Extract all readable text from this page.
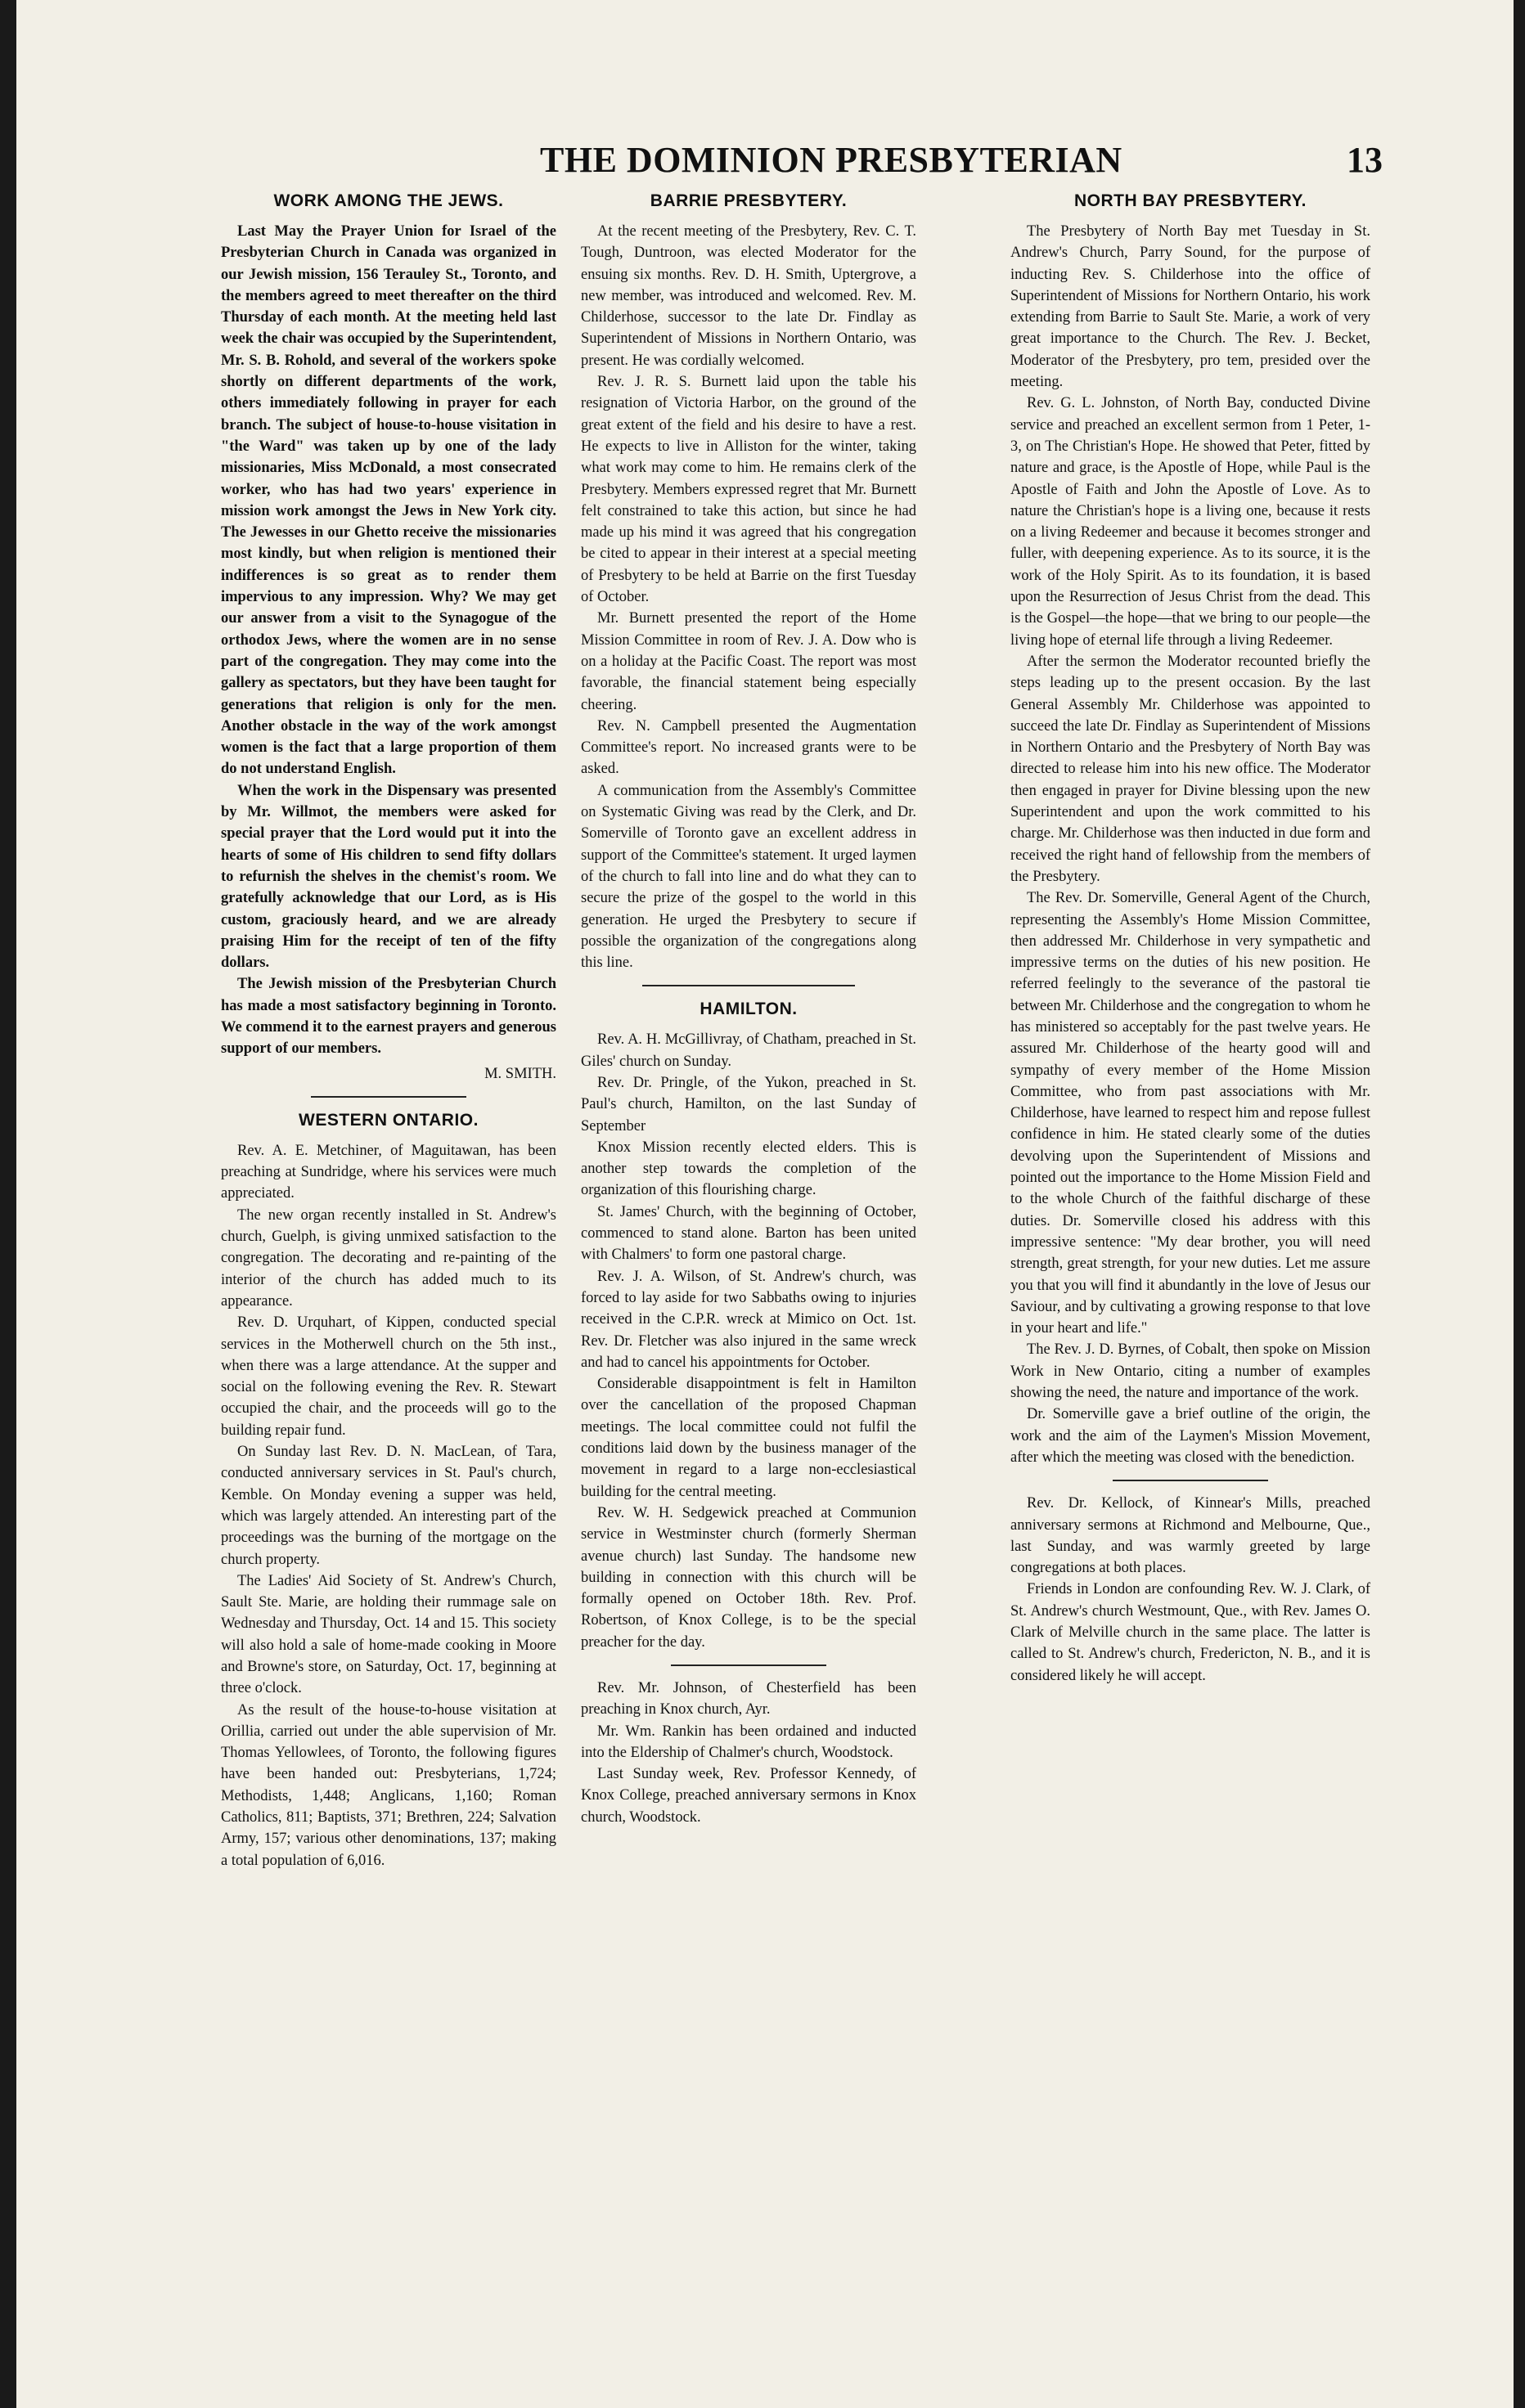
THE DOMINION PRESBYTERIAN	13
WORK AMONG THE JEWS.

Last May the Prayer Union for Israel of the Presbyterian Church in Canada was organized in our Jewish mission, 156 Terauley St., Toronto, and the members agreed to meet thereafter on the third Thursday of each month. At the meeting held last week the chair was occupied by the Superintendent, Mr. S. B. Rohold, and several of the workers spoke shortly on different departments of the work, others immediately following in prayer for each branch. The subject of house-to-house visitation in "the Ward" was taken up by one of the lady missionaries, Miss McDonald, a most consecrated worker, who has had two years' experience in mission work amongst the Jews in New York city. The Jewesses in our Ghetto receive the missionaries most kindly, but when religion is mentioned their indifferences is so great as to render them impervious to any impression. Why? We may get our answer from a visit to the Synagogue of the orthodox Jews, where the women are in no sense part of the congregation. They may come into the gallery as spectators, but they have been taught for generations that religion is only for the men. Another obstacle in the way of the work amongst women is the fact that a large proportion of them do not understand English.

When the work in the Dispensary was presented by Mr. Willmot, the members were asked for special prayer that the Lord would put it into the hearts of some of His children to send fifty dollars to refurnish the shelves in the chemist's room. We gratefully acknowledge that our Lord, as is His custom, graciously heard, and we are already praising Him for the receipt of ten of the fifty dollars.

The Jewish mission of the Presbyterian Church has made a most satisfactory beginning in Toronto. We commend it to the earnest prayers and generous support of our members.

M. SMITH.

WESTERN ONTARIO.

Rev. A. E. Metchiner, of Maguitawan, has been preaching at Sundridge, where his services were much appreciated.

The new organ recently installed in St. Andrew's church, Guelph, is giving unmixed satisfaction to the congregation. The decorating and re-painting of the interior of the church has added much to its appearance.

Rev. D. Urquhart, of Kippen, conducted special services in the Motherwell church on the 5th inst., when there was a large attendance. At the supper and social on the following evening the Rev. R. Stewart occupied the chair, and the proceeds will go to the building repair fund.

On Sunday last Rev. D. N. MacLean, of Tara, conducted anniversary services in St. Paul's church, Kemble. On Monday evening a supper was held, which was largely attended. An interesting part of the proceedings was the burning of the mortgage on the church property.

The Ladies' Aid Society of St. Andrew's Church, Sault Ste. Marie, are holding their rummage sale on Wednesday and Thursday, Oct. 14 and 15. This society will also hold a sale of home-made cooking in Moore and Browne's store, on Saturday, Oct. 17, beginning at three o'clock.

As the result of the house-to-house visitation at Orillia, carried out under the able supervision of Mr. Thomas Yellowlees, of Toronto, the following figures have been handed out: Presbyterians, 1,724; Methodists, 1,448; Anglicans, 1,160; Roman Catholics, 811; Baptists, 371; Brethren, 224; Salvation Army, 157; various other denominations, 137; making a total population of 6,016.

BARRIE PRESBYTERY.

At the recent meeting of the Presbytery, Rev. C. T. Tough, Duntroon, was elected Moderator for the ensuing six months. Rev. D. H. Smith, Uptergrove, a new member, was introduced and welcomed. Rev. M. Childerhose, successor to the late Dr. Findlay as Superintendent of Missions in Northern Ontario, was present. He was cordially welcomed.

Rev. J. R. S. Burnett laid upon the table his resignation of Victoria Harbor, on the ground of the great extent of the field and his desire to have a rest. He expects to live in Alliston for the winter, taking what work may come to him. He remains clerk of the Presbytery. Members expressed regret that Mr. Burnett felt constrained to take this action, but since he had made up his mind it was agreed that his congregation be cited to appear in their interest at a special meeting of Presbytery to be held at Barrie on the first Tuesday of October.

Mr. Burnett presented the report of the Home Mission Committee in room of Rev. J. A. Dow who is on a holiday at the Pacific Coast. The report was most favorable, the financial statement being especially cheering.

Rev. N. Campbell presented the Augmentation Committee's report. No increased grants were to be asked.

A communication from the Assembly's Committee on Systematic Giving was read by the Clerk, and Dr. Somerville of Toronto gave an excellent address in support of the Committee's statement. It urged laymen of the church to fall into line and do what they can to secure the prize of the gospel to the world in this generation. He urged the Presbytery to secure if possible the organization of the congregations along this line.

HAMILTON.

Rev. A. H. McGillivray, of Chatham, preached in St. Giles' church on Sunday.

Rev. Dr. Pringle, of the Yukon, preached in St. Paul's church, Hamilton, on the last Sunday of September

Knox Mission recently elected elders. This is another step towards the completion of the organization of this flourishing charge.

St. James' Church, with the beginning of October, commenced to stand alone. Barton has been united with Chalmers' to form one pastoral charge.

Rev. J. A. Wilson, of St. Andrew's church, was forced to lay aside for two Sabbaths owing to injuries received in the C.P.R. wreck at Mimico on Oct. 1st. Rev. Dr. Fletcher was also injured in the same wreck and had to cancel his appointments for October.

Considerable disappointment is felt in Hamilton over the cancellation of the proposed Chapman meetings. The local committee could not fulfil the conditions laid down by the business manager of the movement in regard to a large non-ecclesiastical building for the central meeting.

Rev. W. H. Sedgewick preached at Communion service in Westminster church (formerly Sherman avenue church) last Sunday. The handsome new building in connection with this church will be formally opened on October 18th. Rev. Prof. Robertson, of Knox College, is to be the special preacher for the day.

Rev. Mr. Johnson, of Chesterfield has been preaching in Knox church, Ayr.

Mr. Wm. Rankin has been ordained and inducted into the Eldership of Chalmer's church, Woodstock.

Last Sunday week, Rev. Professor Kennedy, of Knox College, preached anniversary sermons in Knox church, Woodstock.

NORTH BAY PRESBYTERY.

The Presbytery of North Bay met Tuesday in St. Andrew's Church, Parry Sound, for the purpose of inducting Rev. S. Childerhose into the office of Superintendent of Missions for Northern Ontario, his work extending from Barrie to Sault Ste. Marie, a work of very great importance to the Church. The Rev. J. Becket, Moderator of the Presbytery, pro tem, presided over the meeting.

Rev. G. L. Johnston, of North Bay, conducted Divine service and preached an excellent sermon from 1 Peter, 1-3, on The Christian's Hope. He showed that Peter, fitted by nature and grace, is the Apostle of Hope, while Paul is the Apostle of Faith and John the Apostle of Love. As to nature the Christian's hope is a living one, because it rests on a living Redeemer and because it becomes stronger and fuller, with deepening experience. As to its source, it is the work of the Holy Spirit. As to its foundation, it is based upon the Resurrection of Jesus Christ from the dead. This is the Gospel—the hope—that we bring to our people—the living hope of eternal life through a living Redeemer.

After the sermon the Moderator recounted briefly the steps leading up to the present occasion. By the last General Assembly Mr. Childerhose was appointed to succeed the late Dr. Findlay as Superintendent of Missions in Northern Ontario and the Presbytery of North Bay was directed to release him into his new office. The Moderator then engaged in prayer for Divine blessing upon the new Superintendent and upon the work committed to his charge. Mr. Childerhose was then inducted in due form and received the right hand of fellowship from the members of the Presbytery.

The Rev. Dr. Somerville, General Agent of the Church, representing the Assembly's Home Mission Committee, then addressed Mr. Childerhose in very sympathetic and impressive terms on the duties of his new position. He referred feelingly to the severance of the pastoral tie between Mr. Childerhose and the congregation to whom he has ministered so acceptably for the past twelve years. He assured Mr. Childerhose of the hearty good will and sympathy of every member of the Home Mission Committee, who from past associations with Mr. Childerhose, have learned to respect him and repose fullest confidence in him. He stated clearly some of the duties devolving upon the Superintendent of Missions and pointed out the importance to the Home Mission Field and to the whole Church of the faithful discharge of these duties. Dr. Somerville closed his address with this impressive sentence: "My dear brother, you will need strength, great strength, for your new duties. Let me assure you that you will find it abundantly in the love of Jesus our Saviour, and by cultivating a growing response to that love in your heart and life."

The Rev. J. D. Byrnes, of Cobalt, then spoke on Mission Work in New Ontario, citing a number of examples showing the need, the nature and importance of the work.

Dr. Somerville gave a brief outline of the origin, the work and the aim of the Laymen's Mission Movement, after which the meeting was closed with the benediction.

Rev. Dr. Kellock, of Kinnear's Mills, preached anniversary sermons at Richmond and Melbourne, Que., last Sunday, and was warmly greeted by large congregations at both places.

Friends in London are confounding Rev. W. J. Clark, of St. Andrew's church Westmount, Que., with Rev. James O. Clark of Melville church in the same place. The latter is called to St. Andrew's church, Fredericton, N. B., and it is considered likely he will accept.
